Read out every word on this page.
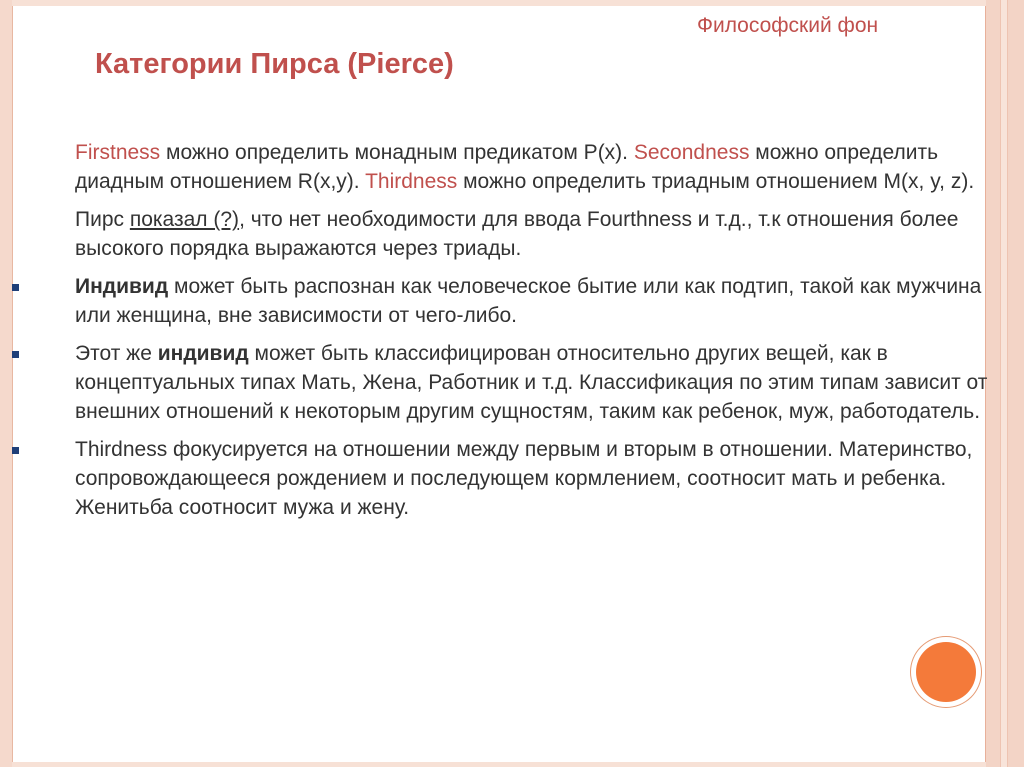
Философский фон
Категории Пирса (Pierce)

Firstness можно определить монадным предикатом P(x). Secondness можно определить диадным отношением R(x,y). Thirdness можно определить триадным отношением M(x, y, z).

Пирс показал (?), что нет необходимости для ввода Fourthness и т.д., т.к отношения более высокого порядка выражаются через триады.

Индивид может быть распознан как человеческое бытие или как подтип, такой как мужчина или женщина, вне зависимости от чего-либо.
Этот же индивид может быть классифицирован относительно других вещей, как в концептуальных типах Мать, Жена, Работник и т.д. Классификация по этим типам зависит от внешних отношений к некоторым другим сущностям, таким как ребенок, муж, работодатель.
Thirdness фокусируется на отношении между первым и вторым в отношении. Материнство, сопровождающееся рождением и последующем кормлением, соотносит мать и ребенка. Женитьба соотносит мужа и жену.
